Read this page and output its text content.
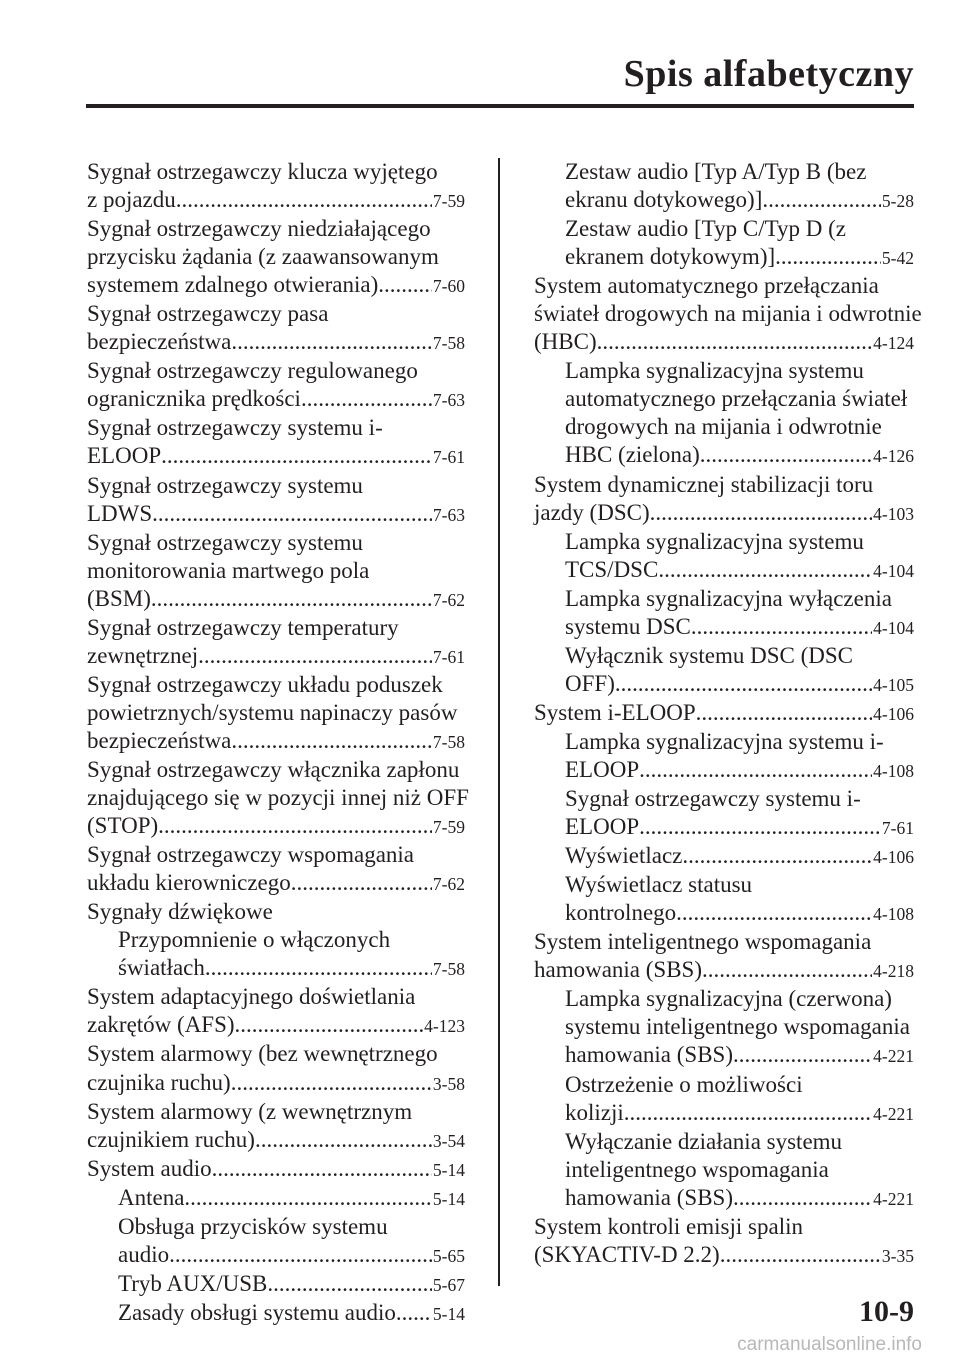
Spis alfabetyczny
Sygnał ostrzegawczy klucza wyjętego
z pojazdu .....	7-59
Sygnał ostrzegawczy niedziałającego
przycisku żądania (z zaawansowanym
systemem zdalnego otwierania) .....	7-60
Sygnał ostrzegawczy pasa
bezpieczeństwa .....	7-58
Sygnał ostrzegawczy regulowanego
ogranicznika prędkości .....	7-63
Sygnał ostrzegawczy systemu i-
ELOOP .....	7-61
Sygnał ostrzegawczy systemu
LDWS .....	7-63
Sygnał ostrzegawczy systemu
monitorowania martwego pola
(BSM) .....	7-62
Sygnał ostrzegawczy temperatury
zewnętrznej .....	7-61
Sygnał ostrzegawczy układu poduszek
powietrznych/systemu napinaczy pasów
bezpieczeństwa .....	7-58
Sygnał ostrzegawczy włącznika zapłonu
znajdującego się w pozycji innej niż OFF
(STOP) .....	7-59
Sygnał ostrzegawczy wspomagania
układu kierowniczego .....	7-62
Sygnały dźwiękowe
Przypomnienie o włączonych
światłach .....	7-58
System adaptacyjnego doświetlania
zakrętów (AFS) .....	4-123
System alarmowy (bez wewnętrznego
czujnika ruchu) .....	3-58
System alarmowy (z wewnętrznym
czujnikiem ruchu) .....	3-54
System audio .....	5-14
Antena .....	5-14
Obsługa przycisków systemu
audio .....	5-65
Tryb AUX/USB .....	5-67
Zasady obsługi systemu audio ..... 5-14
Zestaw audio [Typ A/Typ B (bez
ekranu dotykowego)] .....	5-28
Zestaw audio [Typ C/Typ D (z
ekranem dotykowym)] .....	5-42
System automatycznego przełączania
świateł drogowych na mijania i odwrotnie
(HBC) .....	4-124
Lampka sygnalizacyjna systemu
automatycznego przełączania świateł
drogowych na mijania i odwrotnie
HBC (zielona) .....	4-126
System dynamicznej stabilizacji toru
jazdy (DSC) .....	4-103
Lampka sygnalizacyjna systemu
TCS/DSC .....	4-104
Lampka sygnalizacyjna wyłączenia
systemu DSC .....	4-104
Wyłącznik systemu DSC (DSC
OFF) .....	4-105
System i-ELOOP .....	4-106
Lampka sygnalizacyjna systemu i-
ELOOP .....	4-108
Sygnał ostrzegawczy systemu i-
ELOOP .....	7-61
Wyświetlacz .....	4-106
Wyświetlacz statusu
kontrolnego .....	4-108
System inteligentnego wspomagania
hamowania (SBS) .....	4-218
Lampka sygnalizacyjna (czerwona)
systemu inteligentnego wspomagania
hamowania (SBS) .....	4-221
Ostrzeżenie o możliwości
kolizji .....	4-221
Wyłączanie działania systemu
inteligentnego wspomagania
hamowania (SBS) .....	4-221
System kontroli emisji spalin
(SKYACTIV-D 2.2) .....	3-35
10-9
carmanualsonline.info
